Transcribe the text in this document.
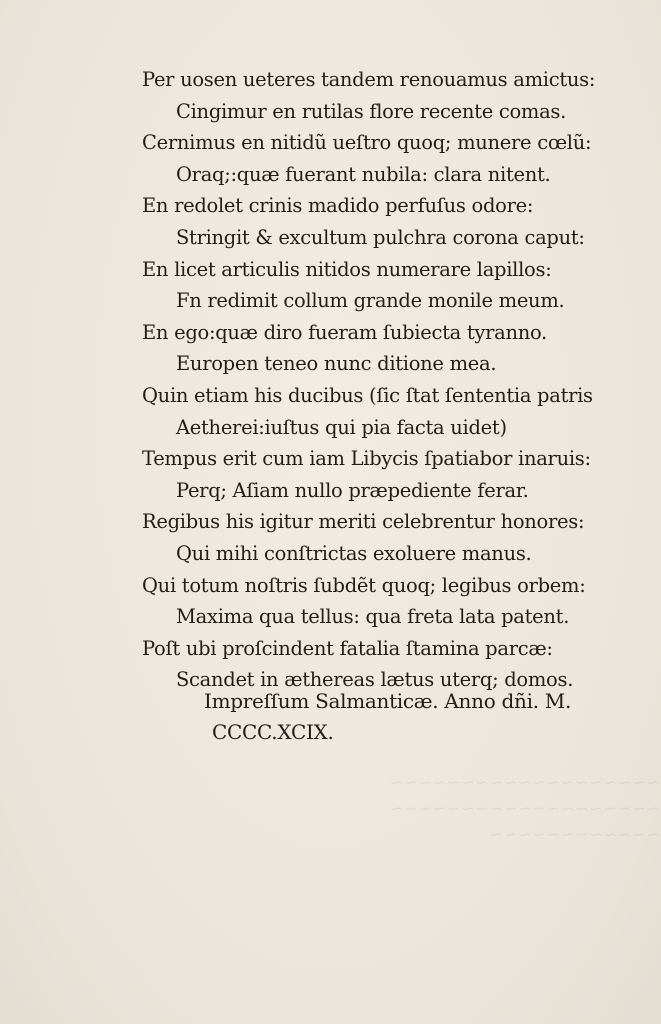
~~~~~~~~~~~~~~~~~~~
~~~~~~~~~~~~~~~~~~~
~~~~~~~~~~~~
Per uosen ueteres tandem renouamus amictus:
Cingimur en rutilas flore recente comas.
Cernimus en nitidũ ueſtro quoq; munere cœlũ:
Oraq;:quæ fuerant nubila: clara nitent.
En redolet crinis madido perfuſus odore:
Stringit & excultum pulchra corona caput:
En licet articulis nitidos numerare lapillos:
Fn redimit collum grande monile meum.
En ego:quæ diro fueram ſubiecta tyranno.
Europen teneo nunc ditione mea.
Quin etiam his ducibus (ſic ſtat ſententia patris
Aetherei:iuſtus qui pia facta uidet)
Tempus erit cum iam Libycis ſpatiabor inaruis:
Perq; Aſiam nullo præpediente ferar.
Regibus his igitur meriti celebrentur honores:
Qui mihi conſtrictas exoluere manus.
Qui totum noſtris ſubdẽt quoq; legibus orbem:
Maxima qua tellus: qua freta lata patent.
Poſt ubi proſcindent fatalia ſtamina parcæ:
Scandet in æthereas lætus uterq; domos.
Impreſſum Salmanticæ. Anno dñi. M.
CCCC.XCIX.
